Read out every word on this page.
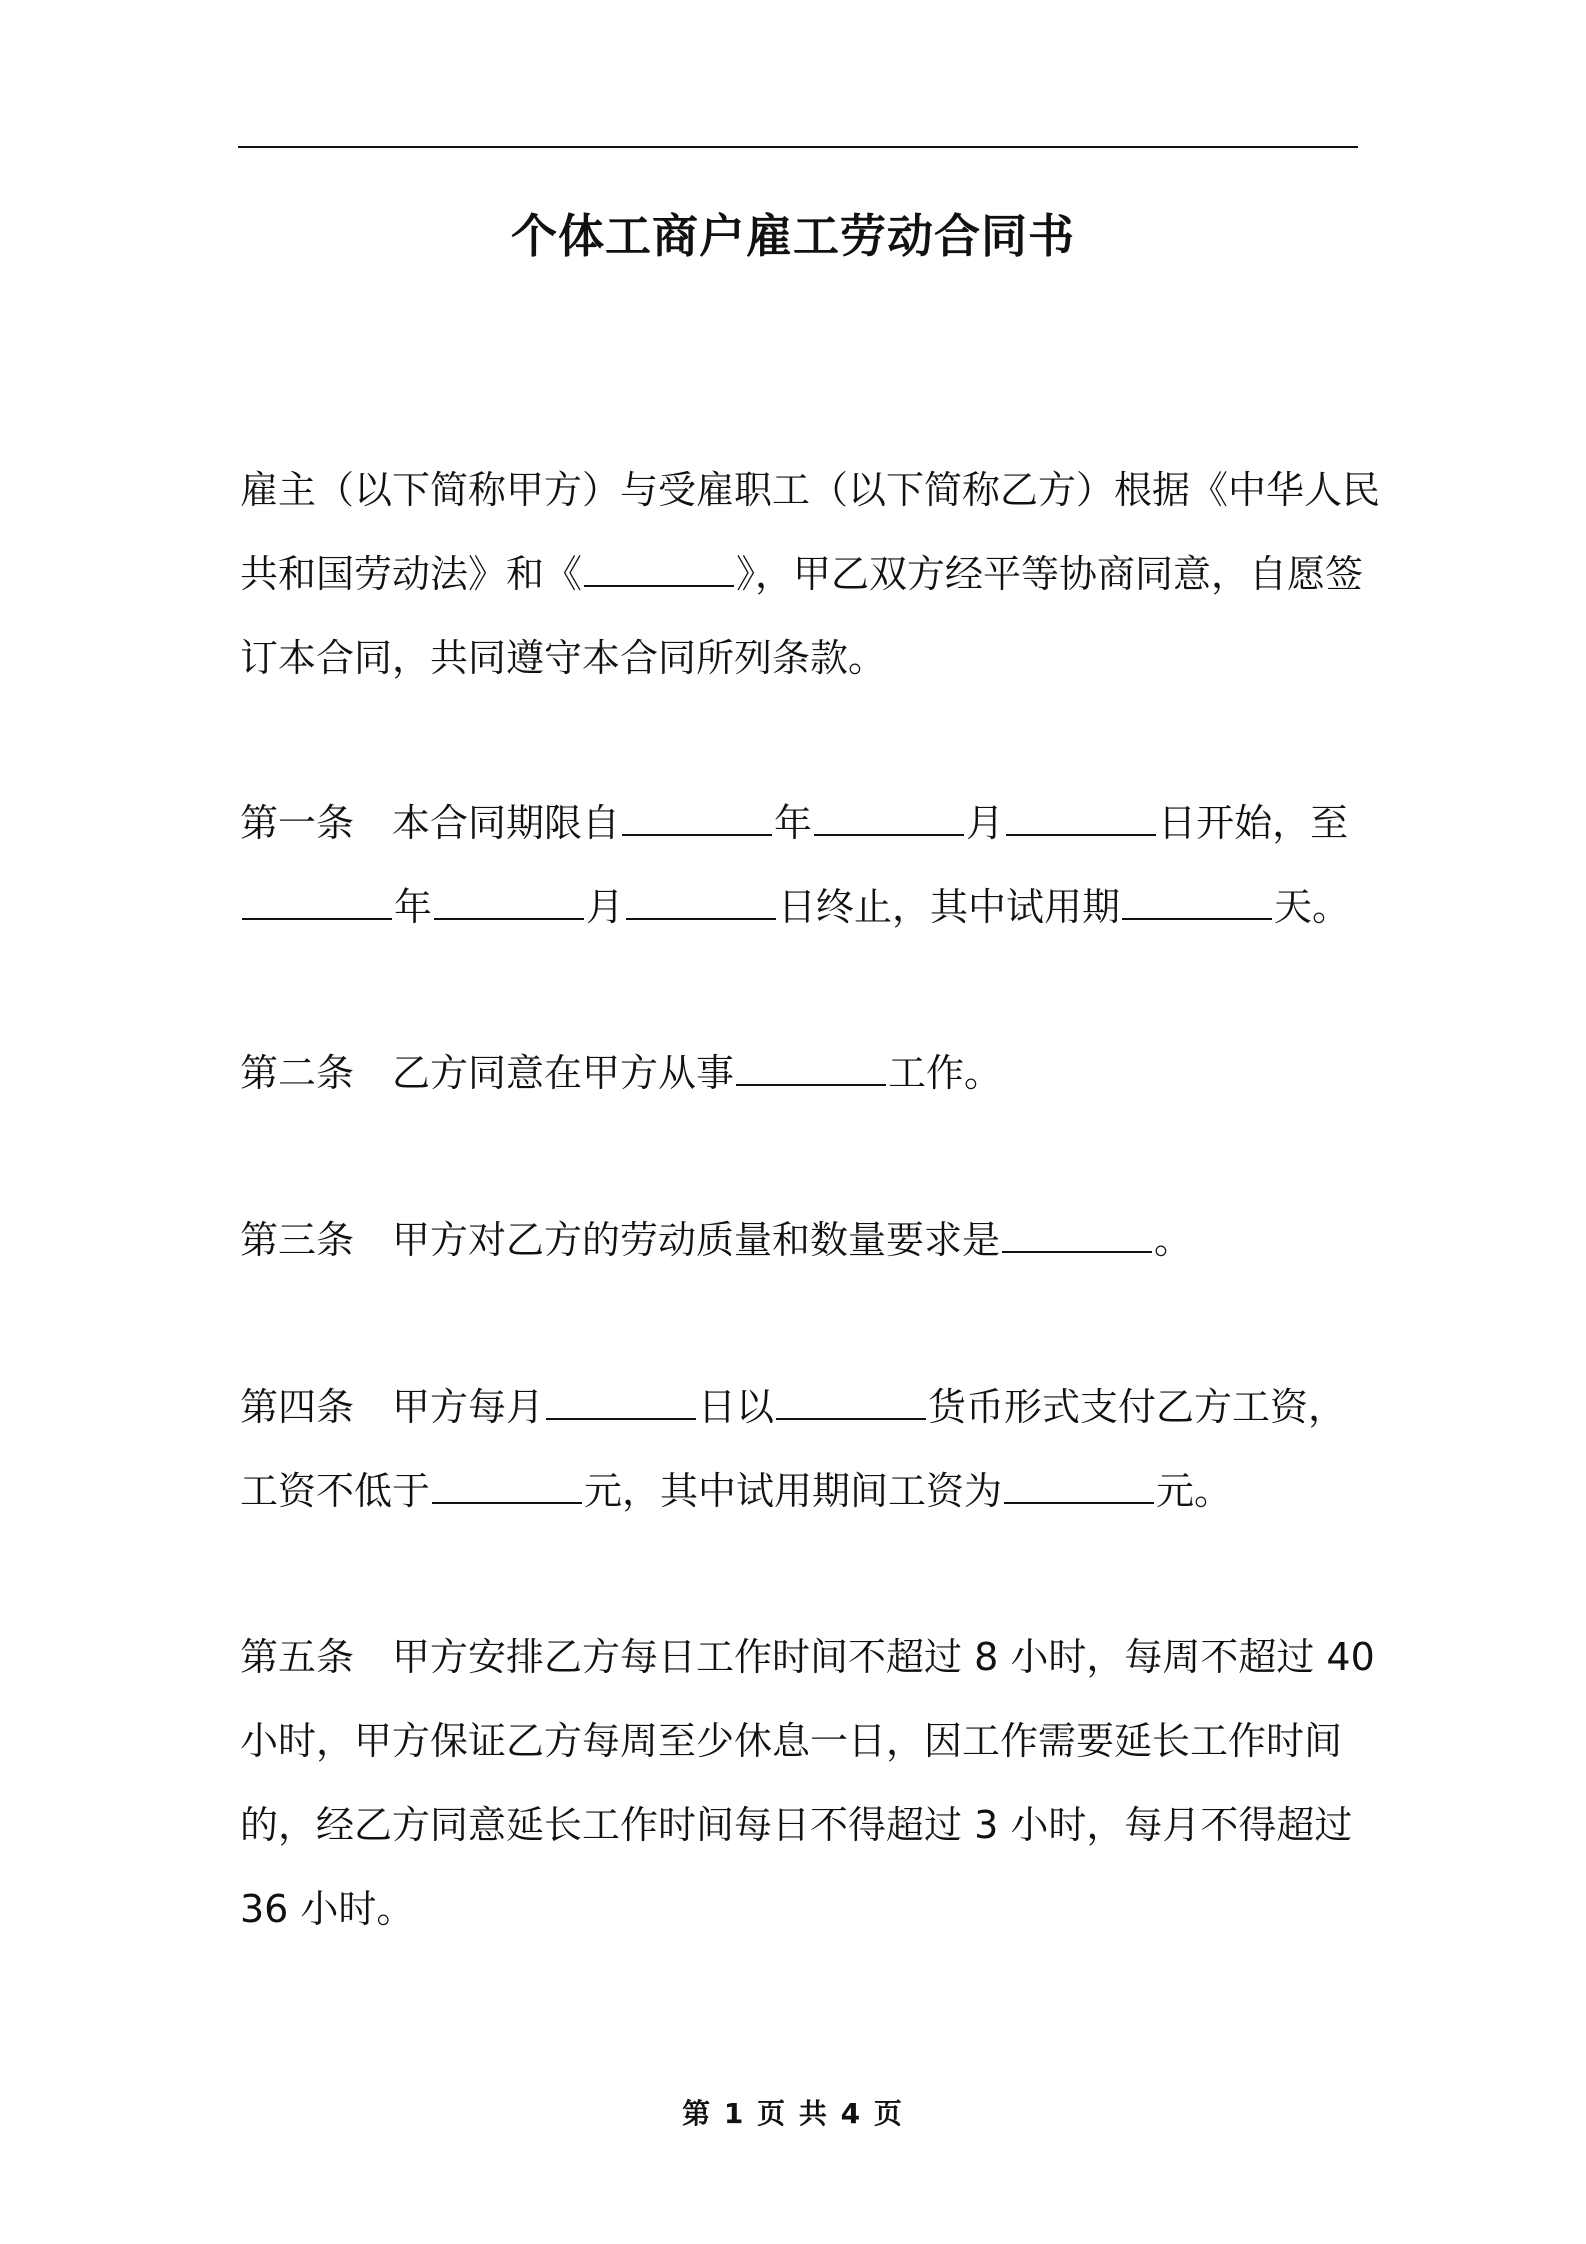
个体工商户雇工劳动合同书

雇主（以下简称甲方）与受雇职工（以下简称乙方）根据《中华人民共和国劳动法》和《	》，甲乙双方经平等协商同意，自愿签订本合同，共同遵守本合同所列条款。

第一条 本合同期限自	年	月	日开始，至年	月	日终止，其中试用期	天。

第二条 乙方同意在甲方从事	工作。

第三条 甲方对乙方的劳动质量和数量要求是	。

第四条 甲方每月	日以	货币形式支付乙方工资，工资不低于	元，其中试用期间工资为	元。

第五条 甲方安排乙方每日工作时间不超过 8 小时，每周不超过 40 小时，甲方保证乙方每周至少休息一日，因工作需要延长工作时间的，经乙方同意延长工作时间每日不得超过 3 小时，每月不得超过 36 小时。

第 1 页 共 4 页
